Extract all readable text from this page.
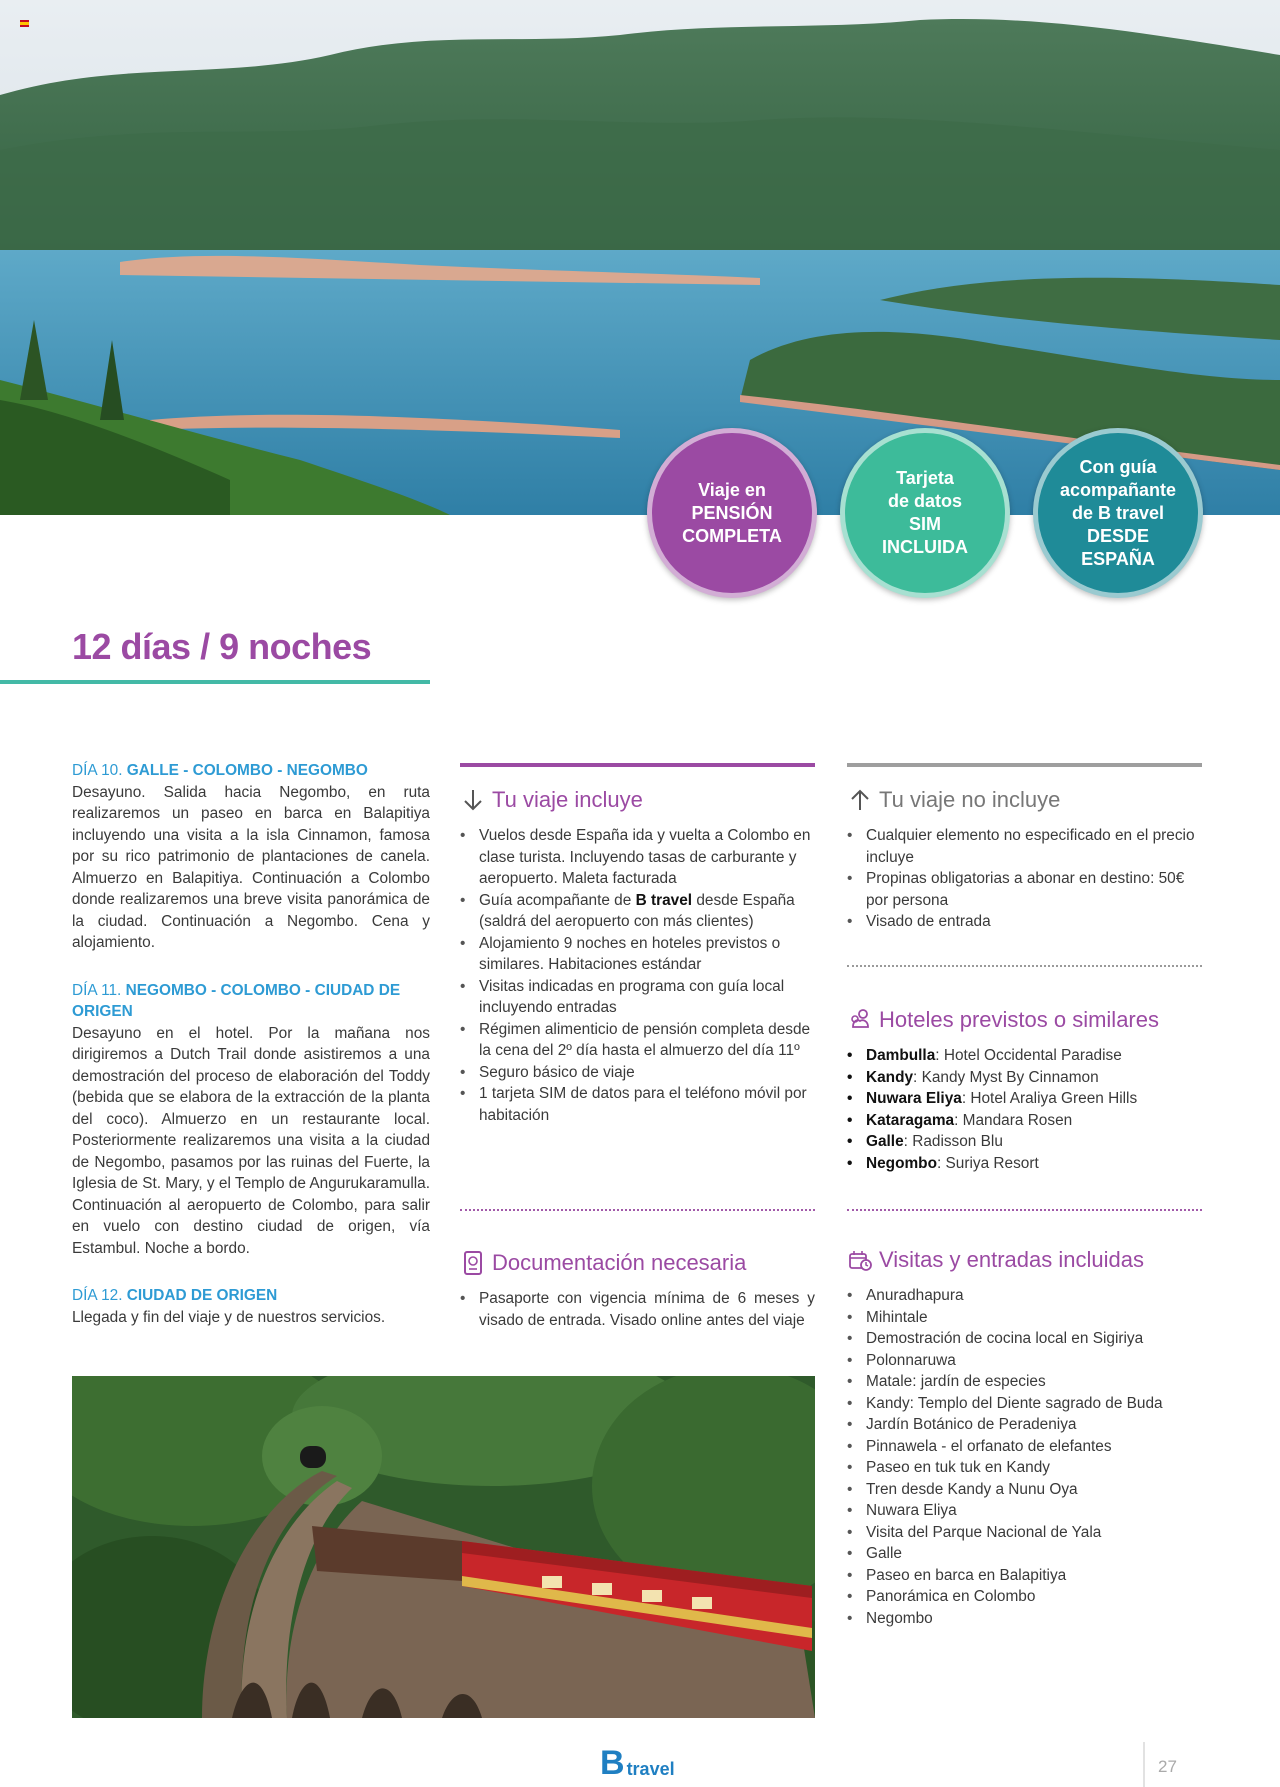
Viaje en
PENSIÓN
COMPLETA
Tarjeta
de datos
SIM
INCLUIDA
Con guía
acompañante
de B travel
DESDE
ESPAÑA
12 días / 9 noches
DÍA 10. GALLE - COLOMBO - NEGOMBO

Desayuno. Salida hacia Negombo, en ruta realizaremos un paseo en barca en Balapitiya incluyendo una visita a la isla Cinnamon, famosa por su rico patrimonio de plantaciones de canela. Almuerzo en Balapitiya. Continuación a Colombo donde realizaremos una breve visita panorámica de la ciudad. Continuación a Negombo. Cena y alojamiento.

DÍA 11. NEGOMBO - COLOMBO - CIUDAD DE ORIGEN

Desayuno en el hotel. Por la mañana nos dirigiremos a Dutch Trail donde asistiremos a una demostración del proceso de elaboración del Toddy (bebida que se elabora de la extracción de la planta del coco). Almuerzo en un restaurante local. Posteriormente realizaremos una visita a la ciudad de Negombo, pasamos por las ruinas del Fuerte, la Iglesia de St. Mary, y el Templo de Angurukaramulla. Continuación al aeropuerto de Colombo, para salir en vuelo con destino ciudad de origen, vía Estambul. Noche a bordo.

DÍA 12. CIUDAD DE ORIGEN

Llegada y fin del viaje y de nuestros servicios.

Tu viaje incluye
• Vuelos desde España ida y vuelta a Colombo en clase turista. Incluyendo tasas de carburante y aeropuerto. Maleta facturada
• Guía acompañante de B travel desde España (saldrá del aeropuerto con más clientes)
• Alojamiento 9 noches en hoteles previstos o similares. Habitaciones estándar
• Visitas indicadas en programa con guía local incluyendo entradas
• Régimen alimenticio de pensión completa desde la cena del 2º día hasta el almuerzo del día 11º
• Seguro básico de viaje
• 1 tarjeta SIM de datos para el teléfono móvil por habitación
Documentación necesaria
• Pasaporte con vigencia mínima de 6 meses y visado de entrada. Visado online antes del viaje
Tu viaje no incluye
• Cualquier elemento no especificado en el precio incluye
• Propinas obligatorias a abonar en destino: 50€ por persona
• Visado de entrada
Hoteles previstos o similares
• Dambulla: Hotel Occidental Paradise
• Kandy: Kandy Myst By Cinnamon
• Nuwara Eliya: Hotel Araliya Green Hills
• Kataragama: Mandara Rosen
• Galle: Radisson Blu
• Negombo: Suriya Resort
Visitas y entradas incluidas
• Anuradhapura
• Mihintale
• Demostración de cocina local en Sigiriya
• Polonnaruwa
• Matale: jardín de especies
• Kandy: Templo del Diente sagrado de Buda
• Jardín Botánico de Peradeniya
• Pinnawela - el orfanato de elefantes
• Paseo en tuk tuk en Kandy
• Tren desde Kandy a Nunu Oya
• Nuwara Eliya
• Visita del Parque Nacional de Yala
• Galle
• Paseo en barca en Balapitiya
• Panorámica en Colombo
• Negombo
B travel	27
